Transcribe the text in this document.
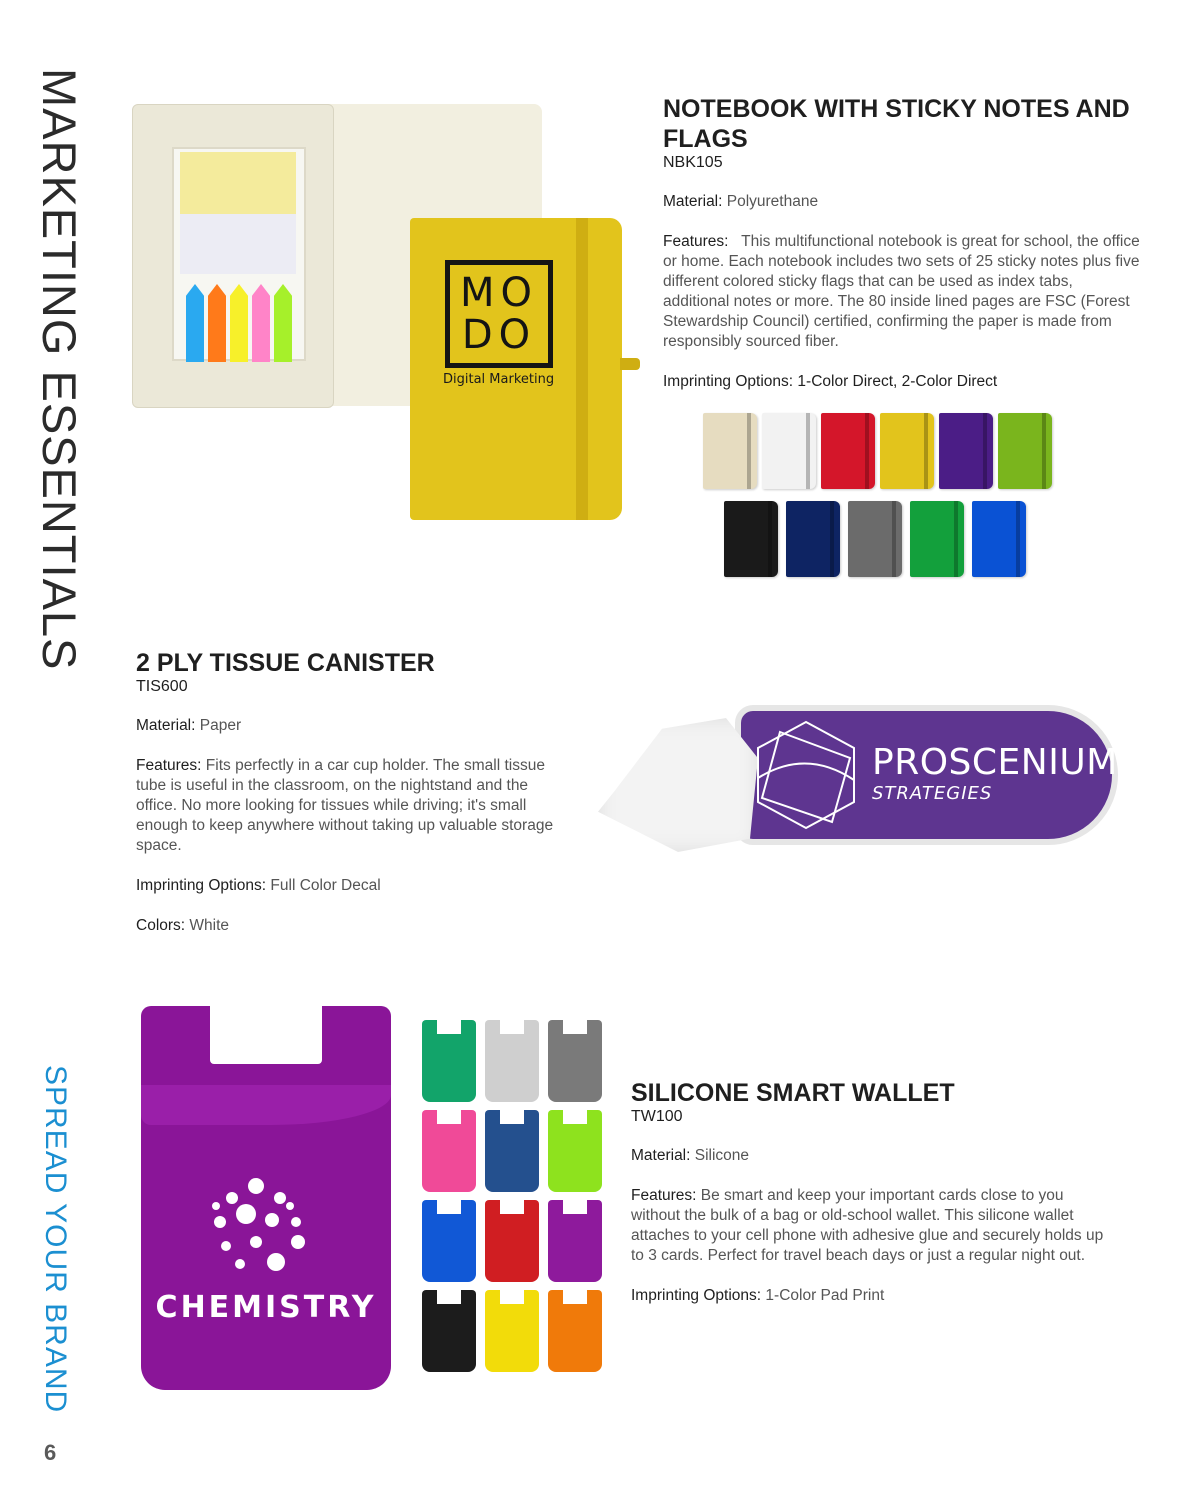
MARKETING ESSENTIALS
SPREAD YOUR BRAND
6
MO
DO
Digital Marketing
NOTEBOOK WITH STICKY NOTES AND FLAGS

NBK105

Material: Polyurethane

Features: This multifunctional notebook is great for school, the office or home. Each notebook includes two sets of 25 sticky notes plus five different colored sticky flags that can be used as index tabs, additional notes or more. The 80 inside lined pages are FSC (Forest Stewardship Council) certified, confirming the paper is made from responsibly sourced fiber.

Imprinting Options: 1-Color Direct, 2-Color Direct

2 PLY TISSUE CANISTER

TIS600

Material: Paper

Features: Fits perfectly in a car cup holder. The small tissue tube is useful in the classroom, on the nightstand and the office. No more looking for tissues while driving; it's small enough to keep anywhere without taking up valuable storage space.

Imprinting Options: Full Color Decal

Colors: White

PROSCENIUM
STRATEGIES
CHEMISTRY
SILICONE SMART WALLET

TW100

Material: Silicone

Features: Be smart and keep your important cards close to you without the bulk of a bag or old-school wallet. This silicone wallet attaches to your cell phone with adhesive glue and securely holds up to 3 cards. Perfect for travel beach days or just a regular night out.

Imprinting Options: 1-Color Pad Print
